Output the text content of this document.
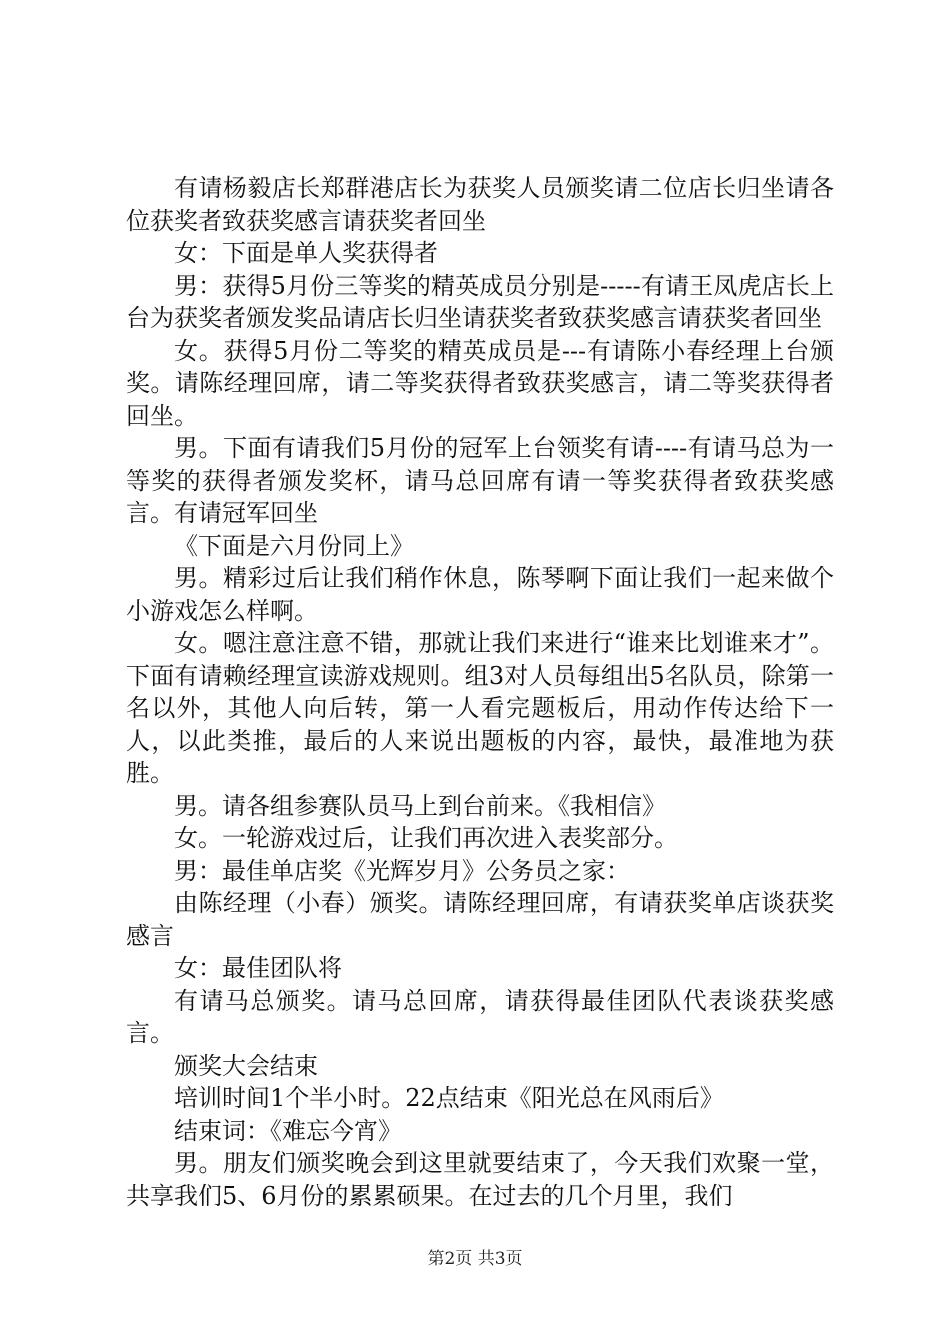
有请杨毅店长郑群港店长为获奖人员颁奖请二位店长归坐请各位获奖者致获奖感言请获奖者回坐

女：下面是单人奖获得者

男：获得5月份三等奖的精英成员分别是-----有请王凤虎店长上台为获奖者颁发奖品请店长归坐请获奖者致获奖感言请获奖者回坐

女。获得5月份二等奖的精英成员是---有请陈小春经理上台颁奖。请陈经理回席，请二等奖获得者致获奖感言，请二等奖获得者回坐。

男。下面有请我们5月份的冠军上台领奖有请----有请马总为一等奖的获得者颁发奖杯，请马总回席有请一等奖获得者致获奖感言。有请冠军回坐

《下面是六月份同上》

男。精彩过后让我们稍作休息，陈琴啊下面让我们一起来做个小游戏怎么样啊。

女。嗯注意注意不错，那就让我们来进行“谁来比划谁来才”。下面有请赖经理宣读游戏规则。组3对人员每组出5名队员，除第一名以外，其他人向后转，第一人看完题板后，用动作传达给下一人，以此类推，最后的人来说出题板的内容，最快，最准地为获胜。

男。请各组参赛队员马上到台前来。《我相信》

女。一轮游戏过后，让我们再次进入表奖部分。

男：最佳单店奖《光辉岁月》公务员之家：

由陈经理（小春）颁奖。请陈经理回席，有请获奖单店谈获奖感言

女：最佳团队将

有请马总颁奖。请马总回席，请获得最佳团队代表谈获奖感言。

颁奖大会结束

培训时间1个半小时。22点结束《阳光总在风雨后》

结束词：《难忘今宵》

男。朋友们颁奖晚会到这里就要结束了，今天我们欢聚一堂，共享我们5、6月份的累累硕果。在过去的几个月里，我们

第2页 共3页
